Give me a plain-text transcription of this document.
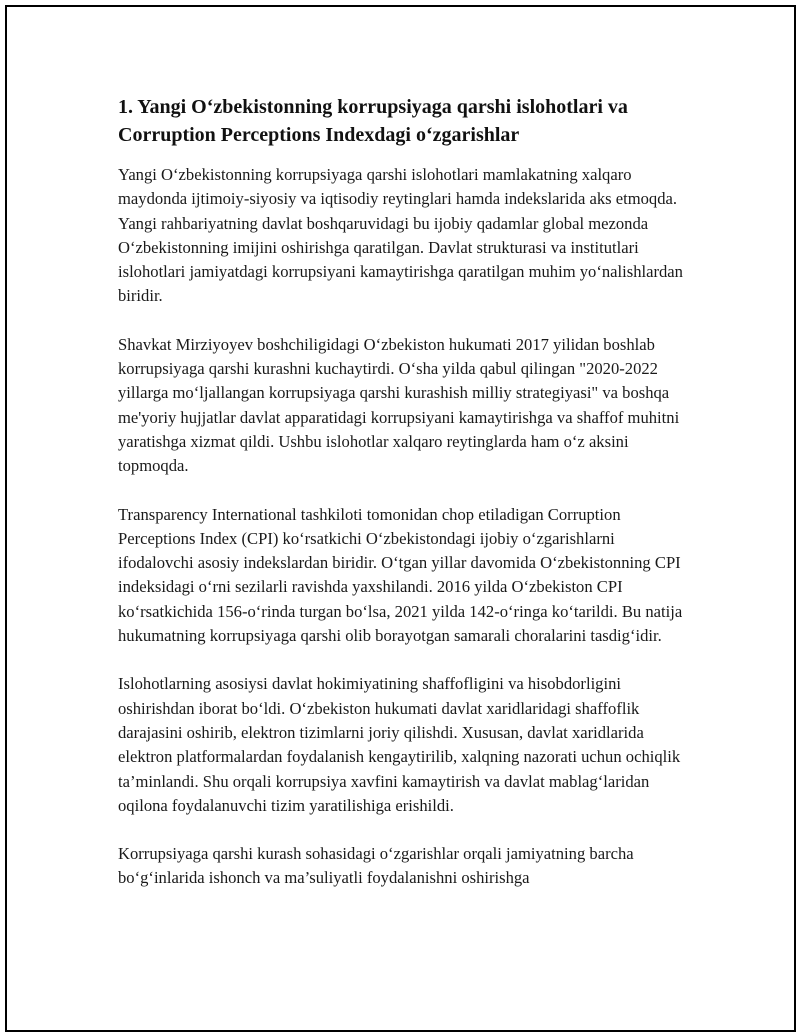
1. Yangi Oʻzbekistonning korrupsiyaga qarshi islohotlari va Corruption Perceptions Indexdagi oʻzgarishlar

Yangi Oʻzbekistonning korrupsiyaga qarshi islohotlari mamlakatning xalqaro maydonda ijtimoiy-siyosiy va iqtisodiy reytinglari hamda indekslarida aks etmoqda. Yangi rahbariyatning davlat boshqaruvidagi bu ijobiy qadamlar global mezonda Oʻzbekistonning imijini oshirishga qaratilgan. Davlat strukturasi va institutlari islohotlari jamiyatdagi korrupsiyani kamaytirishga qaratilgan muhim yoʻnalishlardan biridir.

Shavkat Mirziyoyev boshchiligidagi Oʻzbekiston hukumati 2017 yilidan boshlab korrupsiyaga qarshi kurashni kuchaytirdi. Oʻsha yilda qabul qilingan "2020-2022 yillarga moʻljallangan korrupsiyaga qarshi kurashish milliy strategiyasi" va boshqa me'yoriy hujjatlar davlat apparatidagi korrupsiyani kamaytirishga va shaffof muhitni yaratishga xizmat qildi. Ushbu islohotlar xalqaro reytinglarda ham oʻz aksini topmoqda.

Transparency International tashkiloti tomonidan chop etiladigan Corruption Perceptions Index (CPI) koʻrsatkichi Oʻzbekistondagi ijobiy oʻzgarishlarni ifodalovchi asosiy indekslardan biridir. Oʻtgan yillar davomida Oʻzbekistonning CPI indeksidagi oʻrni sezilarli ravishda yaxshilandi. 2016 yilda Oʻzbekiston CPI koʻrsatkichida 156-oʻrinda turgan boʻlsa, 2021 yilda 142-oʻringa koʻtarildi. Bu natija hukumatning korrupsiyaga qarshi olib borayotgan samarali choralarini tasdigʻidir.

Islohotlarning asosiysi davlat hokimiyatining shaffofligini va hisobdorligini oshirishdan iborat boʻldi. Oʻzbekiston hukumati davlat xaridlaridagi shaffoflik darajasini oshirib, elektron tizimlarni joriy qilishdi. Xususan, davlat xaridlarida elektron platformalardan foydalanish kengaytirilib, xalqning nazorati uchun ochiqlik ta’minlandi. Shu orqali korrupsiya xavfini kamaytirish va davlat mablagʻlaridan oqilona foydalanuvchi tizim yaratilishiga erishildi.

Korrupsiyaga qarshi kurash sohasidagi oʻzgarishlar orqali jamiyatning barcha boʻgʻinlarida ishonch va ma’suliyatli foydalanishni oshirishga
